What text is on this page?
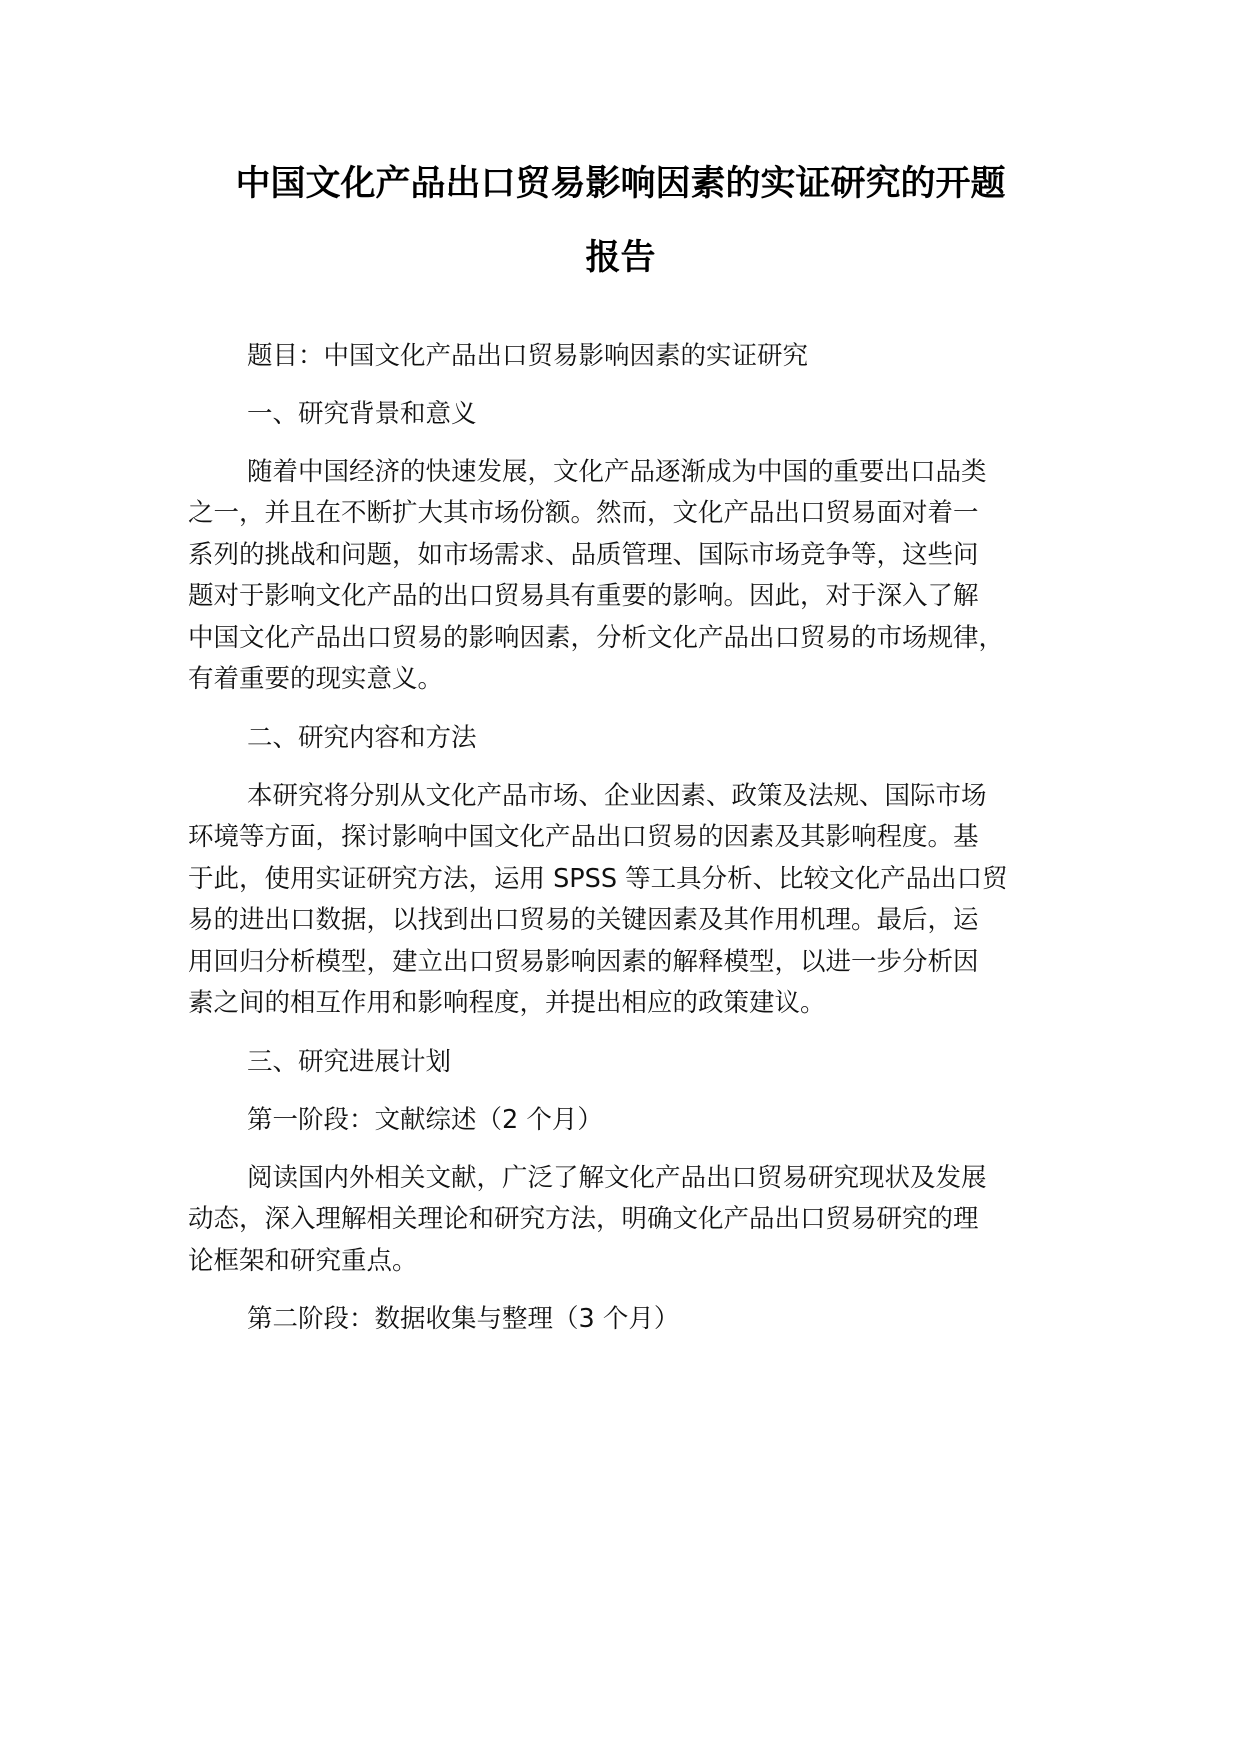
中国文化产品出口贸易影响因素的实证研究的开题
报告
题目：中国文化产品出口贸易影响因素的实证研究
一、研究背景和意义
随着中国经济的快速发展，文化产品逐渐成为中国的重要出口品类
之一，并且在不断扩大其市场份额。然而，文化产品出口贸易面对着一
系列的挑战和问题，如市场需求、品质管理、国际市场竞争等，这些问
题对于影响文化产品的出口贸易具有重要的影响。因此，对于深入了解
中国文化产品出口贸易的影响因素，分析文化产品出口贸易的市场规律，
有着重要的现实意义。
二、研究内容和方法
本研究将分别从文化产品市场、企业因素、政策及法规、国际市场
环境等方面，探讨影响中国文化产品出口贸易的因素及其影响程度。基
于此，使用实证研究方法，运用 SPSS 等工具分析、比较文化产品出口贸
易的进出口数据，以找到出口贸易的关键因素及其作用机理。最后，运
用回归分析模型，建立出口贸易影响因素的解释模型，以进一步分析因
素之间的相互作用和影响程度，并提出相应的政策建议。
三、研究进展计划
第一阶段：文献综述（2 个月）
阅读国内外相关文献，广泛了解文化产品出口贸易研究现状及发展
动态，深入理解相关理论和研究方法，明确文化产品出口贸易研究的理
论框架和研究重点。
第二阶段：数据收集与整理（3 个月）
